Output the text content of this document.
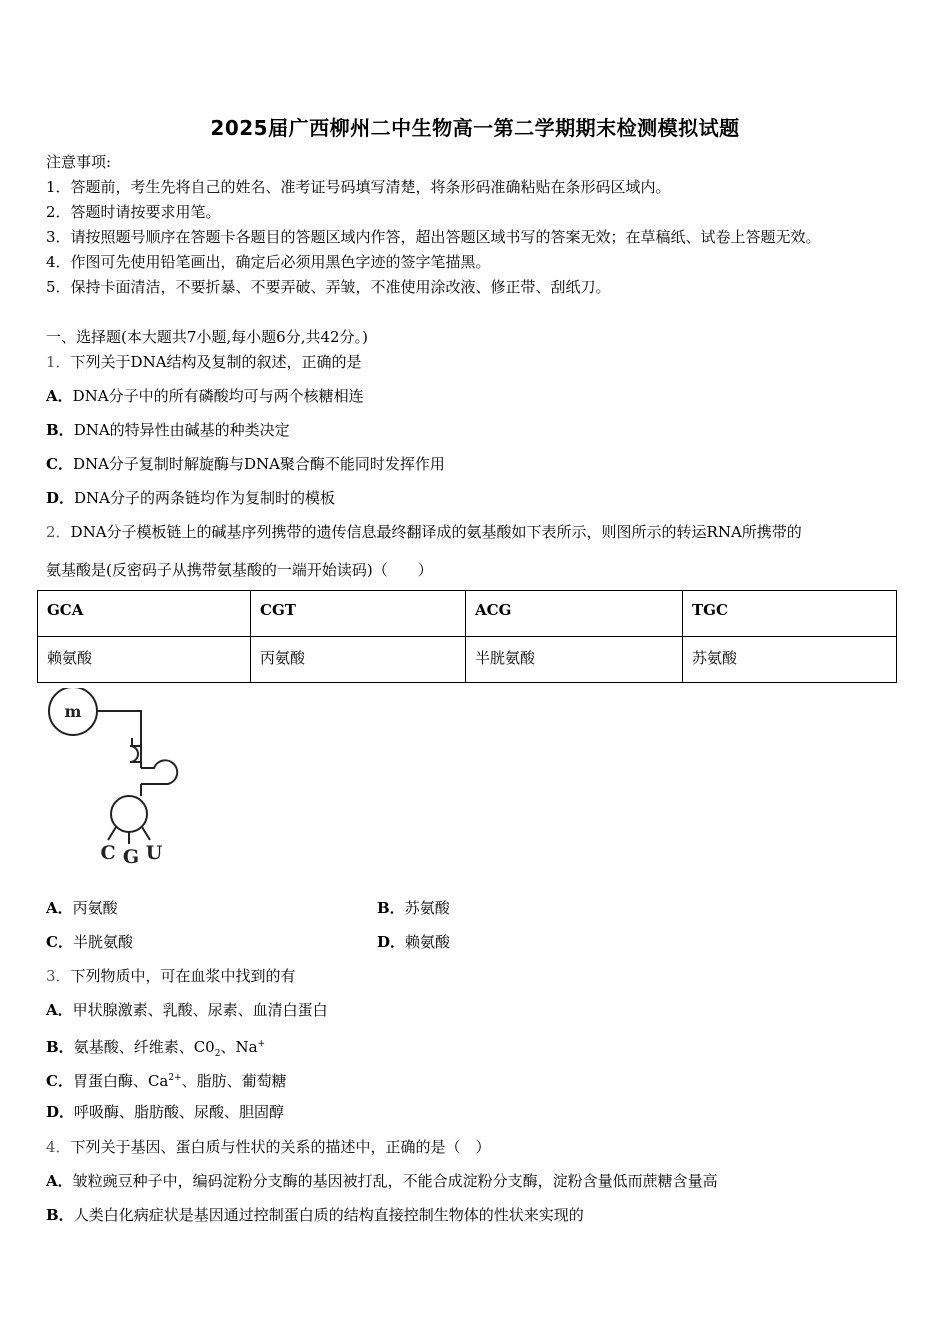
2025届广西柳州二中生物高一第二学期期末检测模拟试题
注意事项:
1．答题前，考生先将自己的姓名、准考证号码填写清楚，将条形码准确粘贴在条形码区域内。
2．答题时请按要求用笔。
3．请按照题号顺序在答题卡各题目的答题区域内作答，超出答题区域书写的答案无效；在草稿纸、试卷上答题无效。
4．作图可先使用铅笔画出，确定后必须用黑色字迹的签字笔描黑。
5．保持卡面清洁，不要折暴、不要弄破、弄皱，不准使用涂改液、修正带、刮纸刀。
一、选择题(本大题共7小题,每小题6分,共42分。)
1．下列关于DNA结构及复制的叙述，正确的是
A．DNA分子中的所有磷酸均可与两个核糖相连
B．DNA的特异性由碱基的种类决定
C．DNA分子复制时解旋酶与DNA聚合酶不能同时发挥作用
D．DNA分子的两条链均作为复制时的模板
2．DNA分子模板链上的碱基序列携带的遗传信息最终翻译成的氨基酸如下表所示，则图所示的转运RNA所携带的
氨基酸是(反密码子从携带氨基酸的一端开始读码)（　　）
GCA	CGT	ACG	TGC
赖氨酸	丙氨酸	半胱氨酸	苏氨酸
m
C G U
A．丙氨酸	B．苏氨酸
C．半胱氨酸	D．赖氨酸
3．下列物质中，可在血浆中找到的有
A．甲状腺激素、乳酸、尿素、血清白蛋白
B．氨基酸、纤维素、$C0_2$、Na+
C．胃蛋白酶、$Ca^{2+}$、脂肪、葡萄糖
D．呼吸酶、脂肪酸、尿酸、胆固醇
4．下列关于基因、蛋白质与性状的关系的描述中，正确的是（　）
A．皱粒豌豆种子中，编码淀粉分支酶的基因被打乱，不能合成淀粉分支酶，淀粉含量低而蔗糖含量高
B．人类白化病症状是基因通过控制蛋白质的结构直接控制生物体的性状来实现的
